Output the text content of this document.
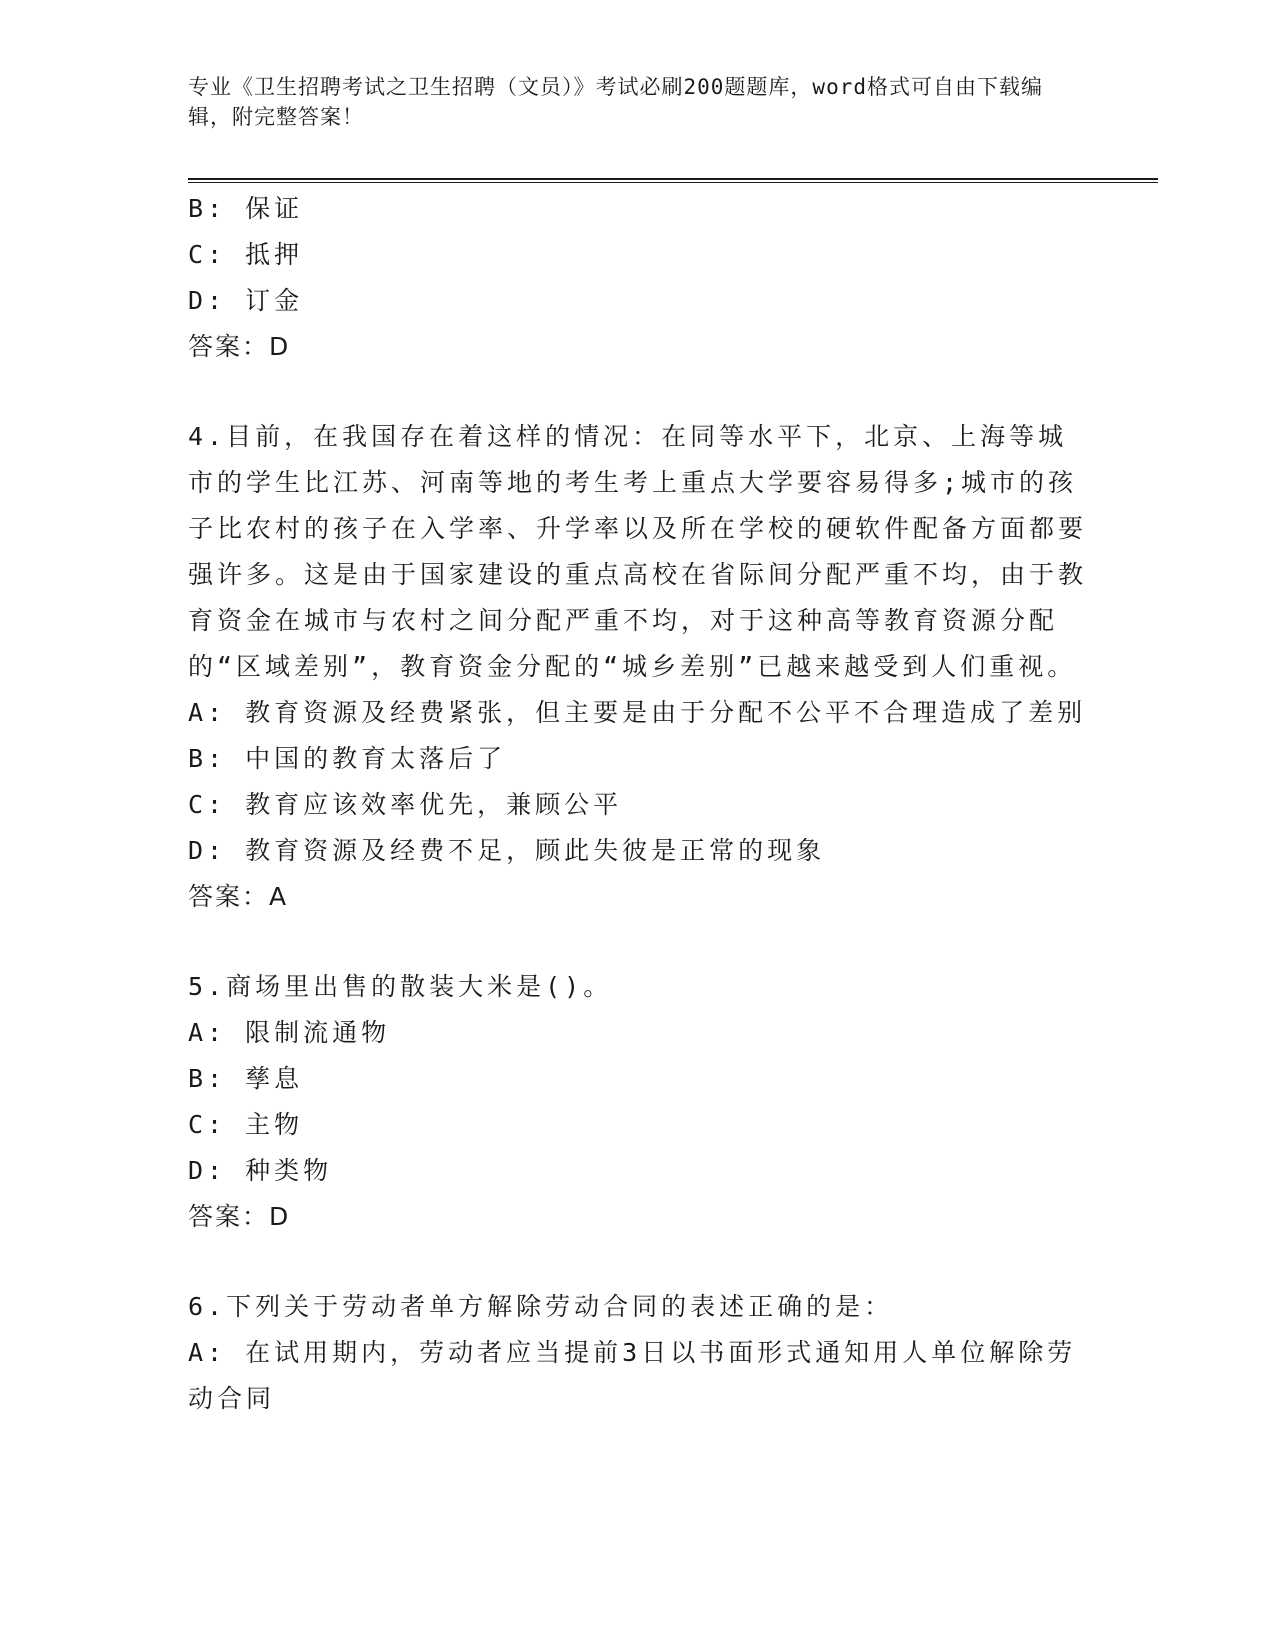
专业《卫生招聘考试之卫生招聘（文员）》考试必刷200题题库，word格式可自由下载编辑，附完整答案！
B: 保证
C: 抵押
D: 订金
答案：D
4.目前，在我国存在着这样的情况：在同等水平下，北京、上海等城市的学生比江苏、河南等地的考生考上重点大学要容易得多;城市的孩子比农村的孩子在入学率、升学率以及所在学校的硬软件配备方面都要强许多。这是由于国家建设的重点高校在省际间分配严重不均，由于教育资金在城市与农村之间分配严重不均，对于这种高等教育资源分配的“区域差别”，教育资金分配的“城乡差别”已越来越受到人们重视。
A: 教育资源及经费紧张，但主要是由于分配不公平不合理造成了差别
B: 中国的教育太落后了
C: 教育应该效率优先，兼顾公平
D: 教育资源及经费不足，顾此失彼是正常的现象
答案：A
5.商场里出售的散装大米是()。
A: 限制流通物
B: 孳息
C: 主物
D: 种类物
答案：D
6.下列关于劳动者单方解除劳动合同的表述正确的是：
A: 在试用期内，劳动者应当提前3日以书面形式通知用人单位解除劳动合同
